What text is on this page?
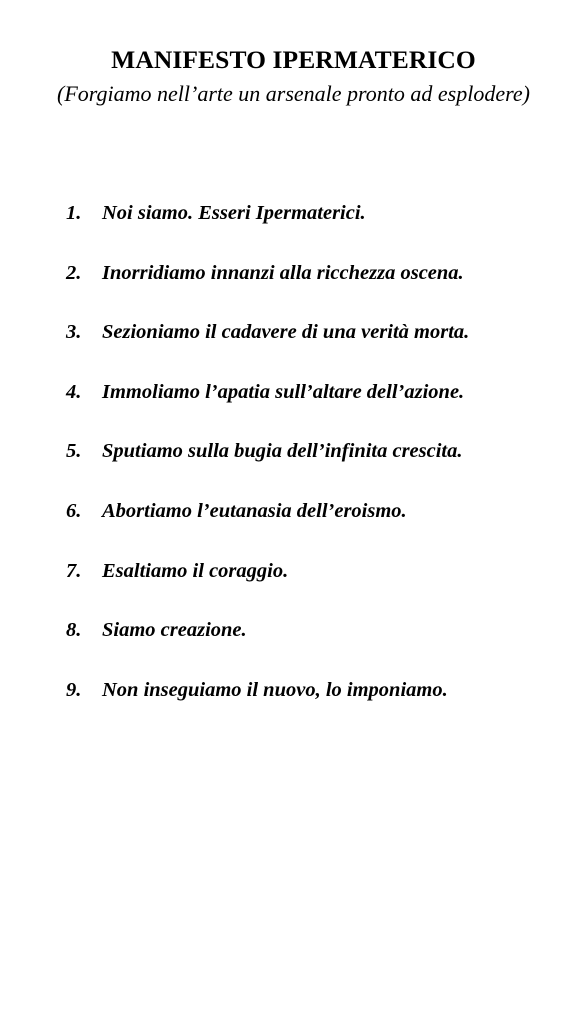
MANIFESTO IPERMATERICO
(Forgiamo nell’arte un arsenale pronto ad esplodere)
1. Noi siamo. Esseri Ipermaterici.
2. Inorridiamo innanzi alla ricchezza oscena.
3. Sezioniamo il cadavere di una verità morta.
4. Immoliamo l’apatia sull’altare dell’azione.
5. Sputiamo sulla bugia dell’infinita crescita.
6. Abortiamo l’eutanasia dell’eroismo.
7. Esaltiamo il coraggio.
8. Siamo creazione.
9. Non inseguiamo il nuovo, lo imponiamo.
